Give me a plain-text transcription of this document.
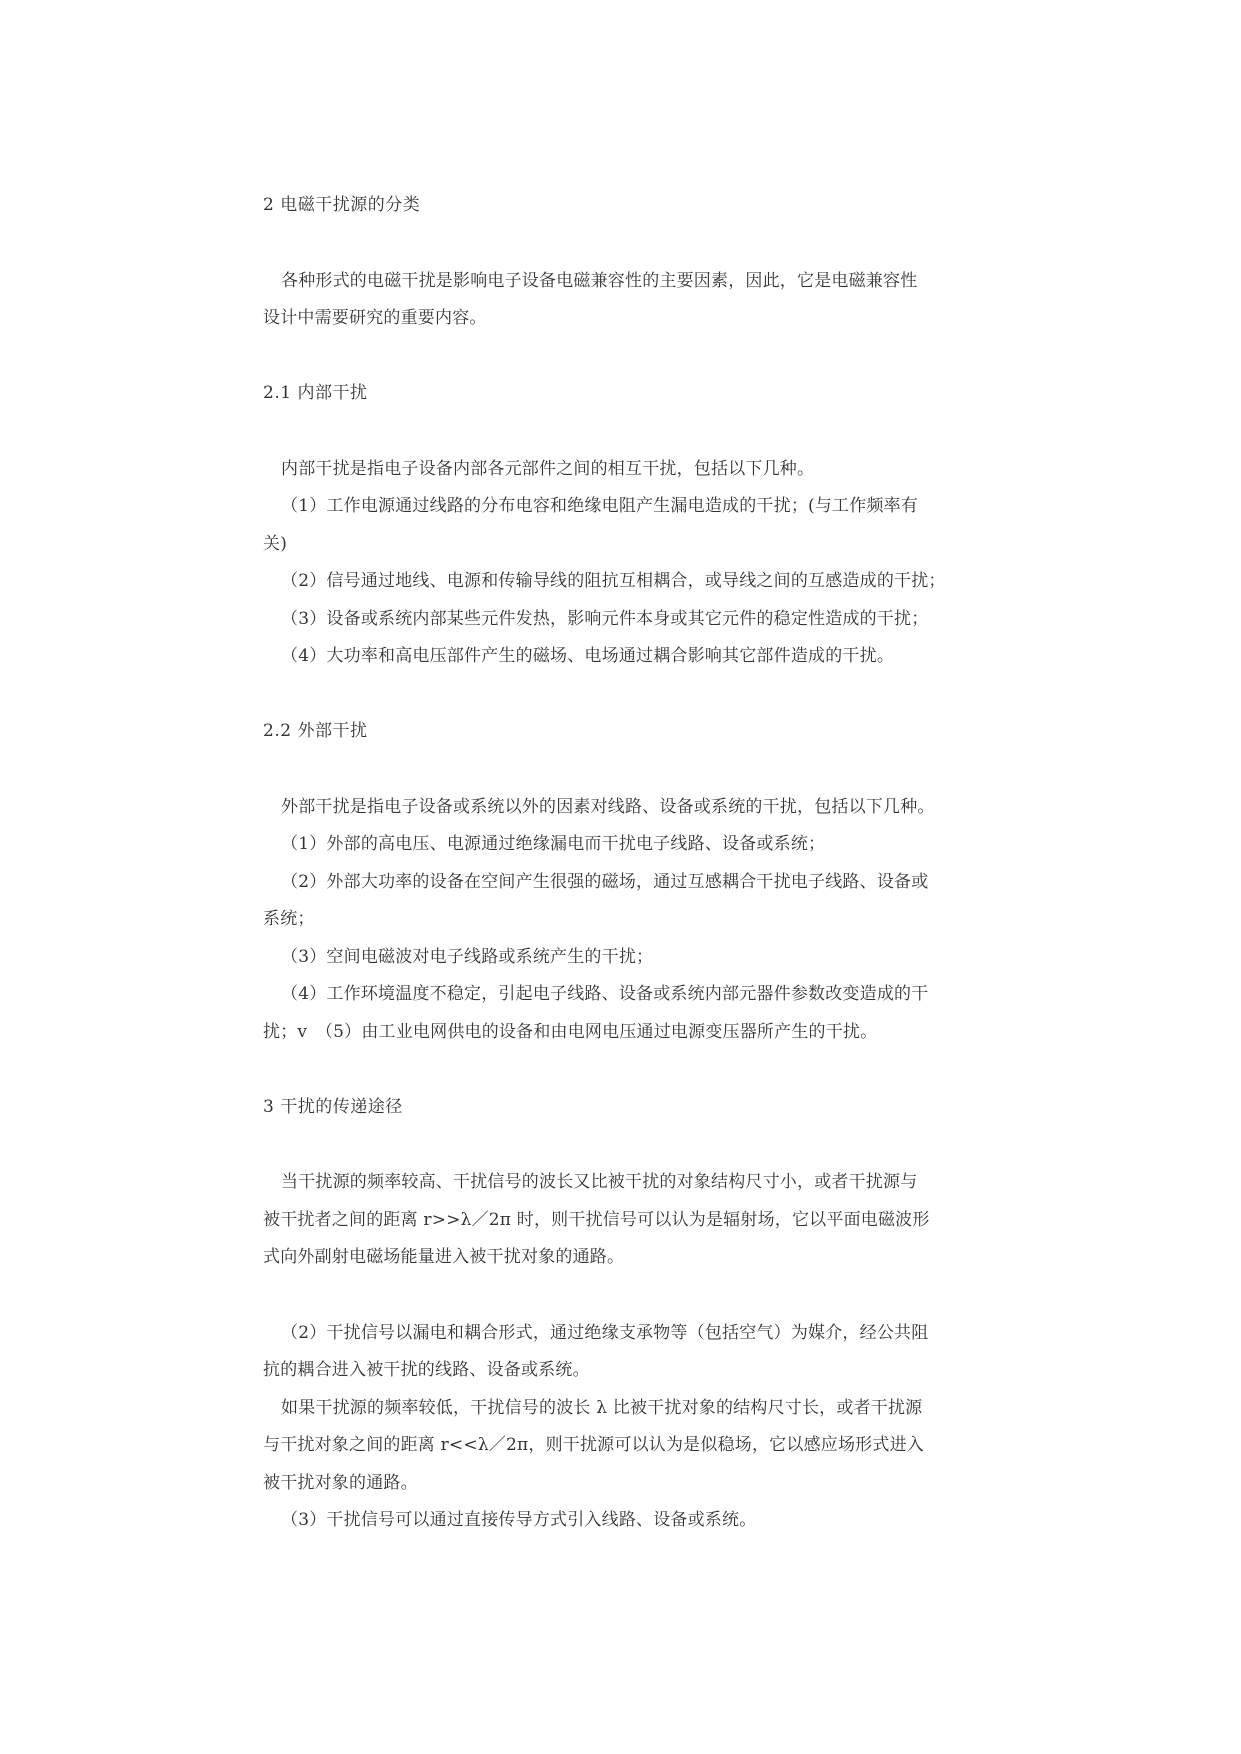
2 电磁干扰源的分类
各种形式的电磁干扰是影响电子设备电磁兼容性的主要因素，因此，它是电磁兼容性
设计中需要研究的重要内容。
2.1 内部干扰
内部干扰是指电子设备内部各元部件之间的相互干扰，包括以下几种。
（1）工作电源通过线路的分布电容和绝缘电阻产生漏电造成的干扰；(与工作频率有
关)
（2）信号通过地线、电源和传输导线的阻抗互相耦合，或导线之间的互感造成的干扰；
（3）设备或系统内部某些元件发热，影响元件本身或其它元件的稳定性造成的干扰；
（4）大功率和高电压部件产生的磁场、电场通过耦合影响其它部件造成的干扰。
2.2 外部干扰
外部干扰是指电子设备或系统以外的因素对线路、设备或系统的干扰，包括以下几种。
（1）外部的高电压、电源通过绝缘漏电而干扰电子线路、设备或系统；
（2）外部大功率的设备在空间产生很强的磁场，通过互感耦合干扰电子线路、设备或
系统；
（3）空间电磁波对电子线路或系统产生的干扰；
（4）工作环境温度不稳定，引起电子线路、设备或系统内部元器件参数改变造成的干
扰；v　（5）由工业电网供电的设备和由电网电压通过电源变压器所产生的干扰。
3 干扰的传递途径
当干扰源的频率较高、干扰信号的波长又比被干扰的对象结构尺寸小，或者干扰源与
被干扰者之间的距离 r>>λ／2π 时，则干扰信号可以认为是辐射场，它以平面电磁波形
式向外副射电磁场能量进入被干扰对象的通路。
（2）干扰信号以漏电和耦合形式，通过绝缘支承物等（包括空气）为媒介，经公共阻
抗的耦合进入被干扰的线路、设备或系统。
如果干扰源的频率较低，干扰信号的波长 λ 比被干扰对象的结构尺寸长，或者干扰源
与干扰对象之间的距离 r<<λ／2π，则干扰源可以认为是似稳场，它以感应场形式进入
被干扰对象的通路。
（3）干扰信号可以通过直接传导方式引入线路、设备或系统。
